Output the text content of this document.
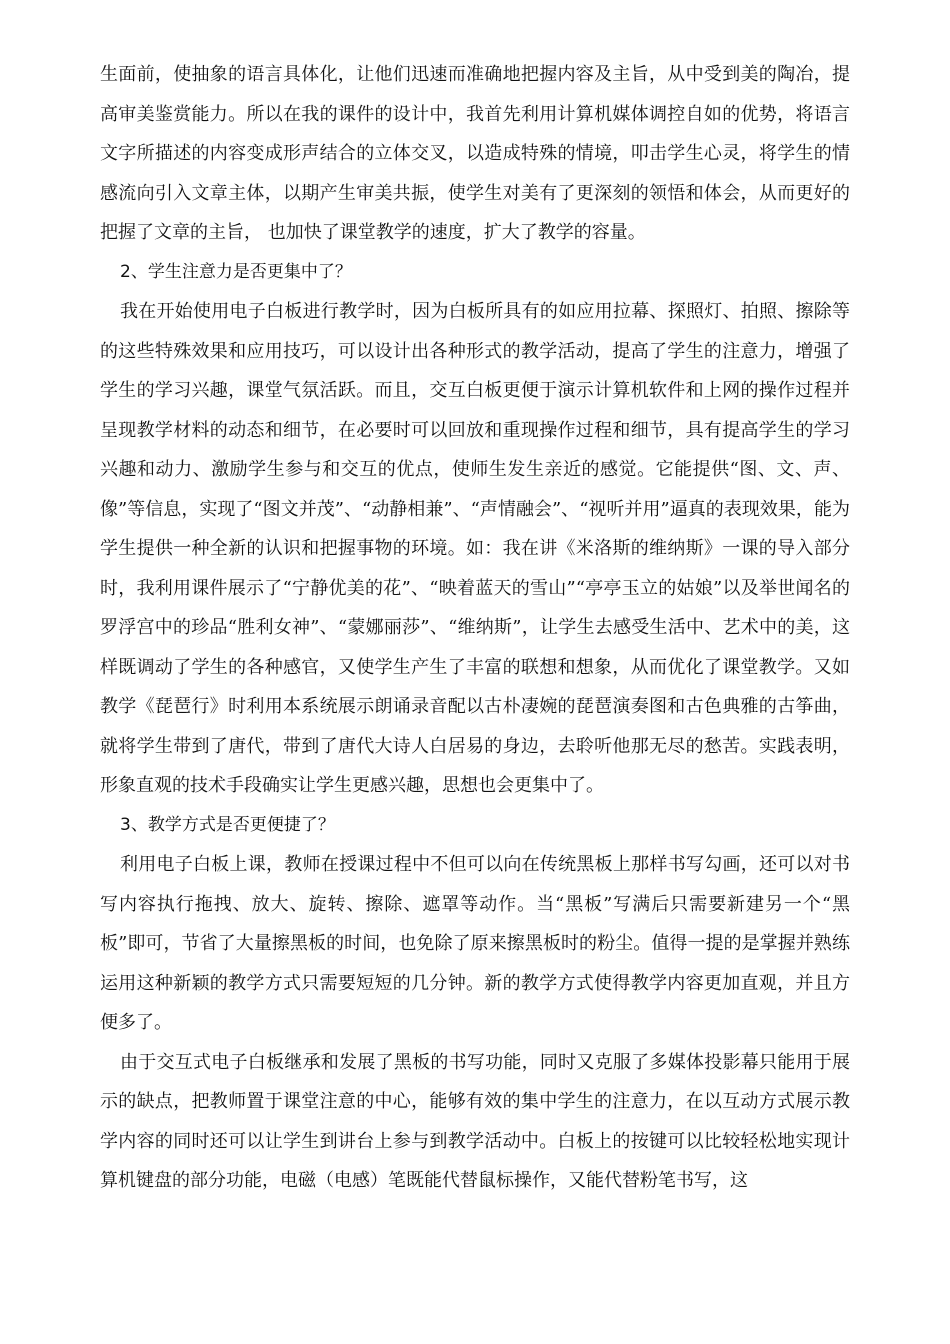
生面前，使抽象的语言具体化，让他们迅速而准确地把握内容及主旨，从中受到美的陶冶，提高审美鉴赏能力。所以在我的课件的设计中，我首先利用计算机媒体调控自如的优势，将语言文字所描述的内容变成形声结合的立体交叉，以造成特殊的情境，叩击学生心灵，将学生的情感流向引入文章主体，以期产生审美共振，使学生对美有了更深刻的领悟和体会，从而更好的把握了文章的主旨， 也加快了课堂教学的速度，扩大了教学的容量。

2、学生注意力是否更集中了？

我在开始使用电子白板进行教学时，因为白板所具有的如应用拉幕、探照灯、拍照、擦除等的这些特殊效果和应用技巧，可以设计出各种形式的教学活动，提高了学生的注意力，增强了学生的学习兴趣，课堂气氛活跃。而且，交互白板更便于演示计算机软件和上网的操作过程并呈现教学材料的动态和细节，在必要时可以回放和重现操作过程和细节，具有提高学生的学习兴趣和动力、激励学生参与和交互的优点，使师生发生亲近的感觉。它能提供“图、文、声、像”等信息，实现了“图文并茂”、“动静相兼”、“声情融会”、“视听并用”逼真的表现效果，能为学生提供一种全新的认识和把握事物的环境。如：我在讲《米洛斯的维纳斯》一课的导入部分时，我利用课件展示了“宁静优美的花”、“映着蓝天的雪山”“亭亭玉立的姑娘”以及举世闻名的罗浮宫中的珍品“胜利女神”、“蒙娜丽莎”、“维纳斯”，让学生去感受生活中、艺术中的美，这样既调动了学生的各种感官，又使学生产生了丰富的联想和想象，从而优化了课堂教学。又如教学《琵琶行》时利用本系统展示朗诵录音配以古朴凄婉的琵琶演奏图和古色典雅的古筝曲，就将学生带到了唐代，带到了唐代大诗人白居易的身边，去聆听他那无尽的愁苦。实践表明，形象直观的技术手段确实让学生更感兴趣，思想也会更集中了。

3、教学方式是否更便捷了？

利用电子白板上课，教师在授课过程中不但可以向在传统黑板上那样书写勾画，还可以对书写内容执行拖拽、放大、旋转、擦除、遮罩等动作。当“黑板”写满后只需要新建另一个“黑板”即可，节省了大量擦黑板的时间，也免除了原来擦黑板时的粉尘。值得一提的是掌握并熟练运用这种新颖的教学方式只需要短短的几分钟。新的教学方式使得教学内容更加直观，并且方便多了。

由于交互式电子白板继承和发展了黑板的书写功能，同时又克服了多媒体投影幕只能用于展示的缺点，把教师置于课堂注意的中心，能够有效的集中学生的注意力，在以互动方式展示教学内容的同时还可以让学生到讲台上参与到教学活动中。白板上的按键可以比较轻松地实现计算机键盘的部分功能，电磁（电感）笔既能代替鼠标操作，又能代替粉笔书写，这
